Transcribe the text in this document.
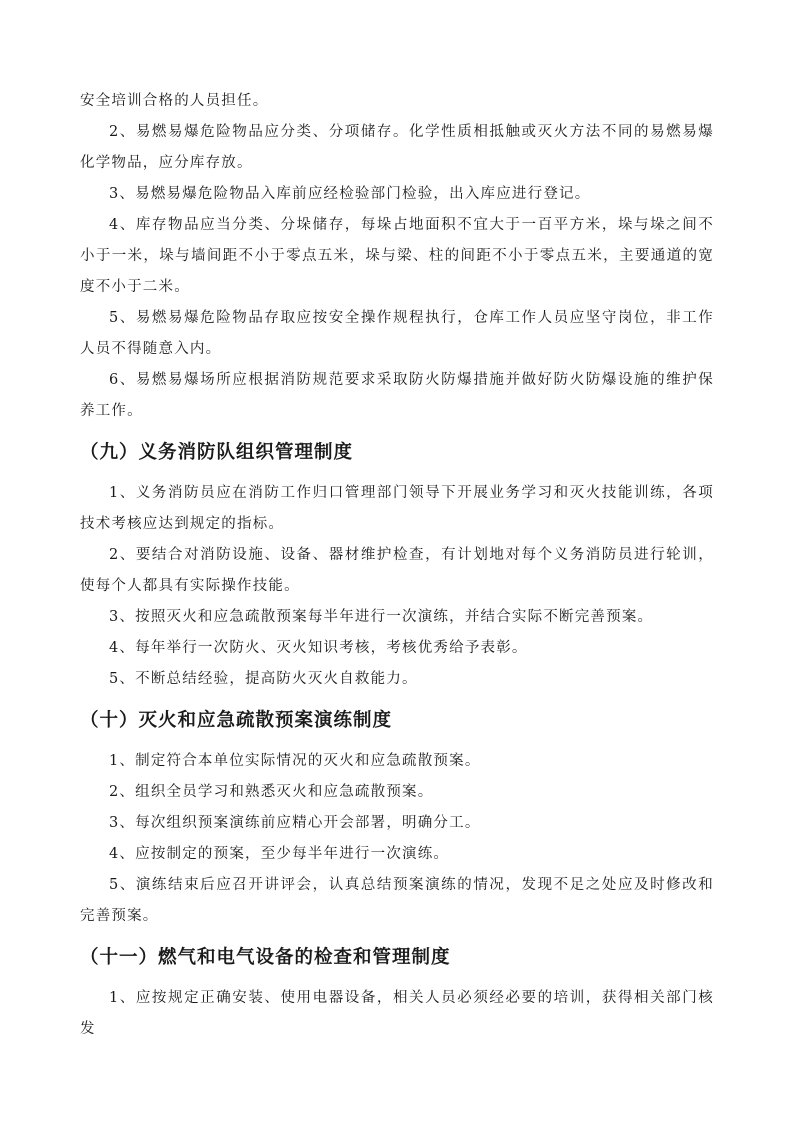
安全培训合格的人员担任。

2、易燃易爆危险物品应分类、分项储存。化学性质相抵触或灭火方法不同的易燃易爆化学物品，应分库存放。

3、易燃易爆危险物品入库前应经检验部门检验，出入库应进行登记。

4、库存物品应当分类、分垛储存，每垛占地面积不宜大于一百平方米，垛与垛之间不小于一米，垛与墙间距不小于零点五米，垛与梁、柱的间距不小于零点五米，主要通道的宽度不小于二米。

5、易燃易爆危险物品存取应按安全操作规程执行，仓库工作人员应坚守岗位，非工作人员不得随意入内。

6、易燃易爆场所应根据消防规范要求采取防火防爆措施并做好防火防爆设施的维护保养工作。

（九）义务消防队组织管理制度

1、义务消防员应在消防工作归口管理部门领导下开展业务学习和灭火技能训练，各项技术考核应达到规定的指标。

2、要结合对消防设施、设备、器材维护检查，有计划地对每个义务消防员进行轮训，使每个人都具有实际操作技能。

3、按照灭火和应急疏散预案每半年进行一次演练，并结合实际不断完善预案。

4、每年举行一次防火、灭火知识考核，考核优秀给予表彰。

5、不断总结经验，提高防火灭火自救能力。

（十）灭火和应急疏散预案演练制度

1、制定符合本单位实际情况的灭火和应急疏散预案。

2、组织全员学习和熟悉灭火和应急疏散预案。

3、每次组织预案演练前应精心开会部署，明确分工。

4、应按制定的预案，至少每半年进行一次演练。

5、演练结束后应召开讲评会，认真总结预案演练的情况，发现不足之处应及时修改和完善预案。

（十一）燃气和电气设备的检查和管理制度

1、应按规定正确安装、使用电器设备，相关人员必须经必要的培训，获得相关部门核发
